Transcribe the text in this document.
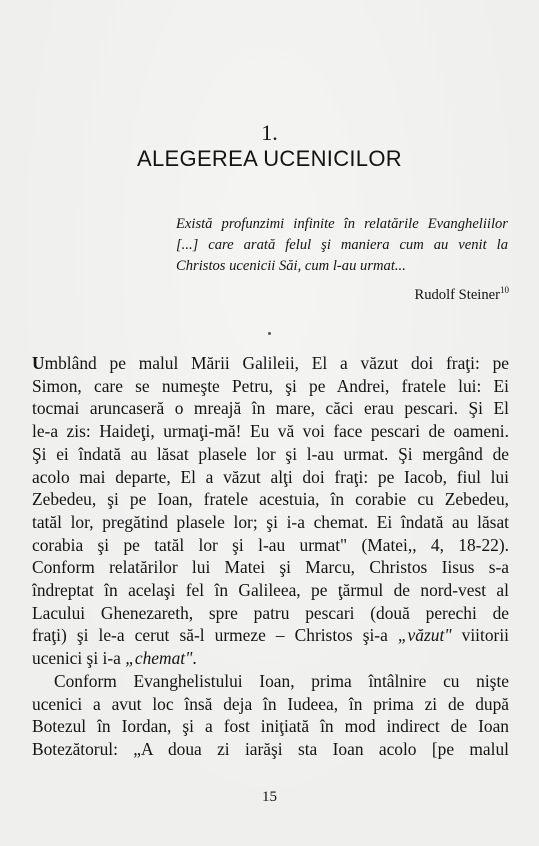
1.
ALEGEREA UCENICILOR
Există profunzimi infinite în relatările Evangheliilor
[...] care arată felul şi maniera cum au venit la
Christos ucenicii Săi, cum l-au urmat...
Rudolf Steiner$^{10}$
Umblând pe malul Mării Galileii, El a văzut doi fraţi: pe
Simon, care se numeşte Petru, şi pe Andrei, fratele lui: Ei
tocmai aruncaseră o mreajă în mare, căci erau pescari. Şi El
le-a zis: Haideţi, urmaţi-mă! Eu vă voi face pescari de oameni.
Şi ei îndată au lăsat plasele lor şi l-au urmat. Şi mergând de
acolo mai departe, El a văzut alţi doi fraţi: pe Iacob, fiul lui
Zebedeu, şi pe Ioan, fratele acestuia, în corabie cu Zebedeu,
tatăl lor, pregătind plasele lor; şi i-a chemat. Ei îndată au lăsat
corabia şi pe tatăl lor şi l-au urmat" (Matei,, 4, 18-22).
Conform relatărilor lui Matei şi Marcu, Christos Iisus s-a
îndreptat în acelaşi fel în Galileea, pe ţărmul de nord-vest al
Lacului Ghenezareth, spre patru pescari (două perechi de
fraţi) şi le-a cerut să-l urmeze – Christos şi-a „văzut" viitorii
ucenici şi i-a „chemat".
Conform Evanghelistului Ioan, prima întâlnire cu nişte
ucenici a avut loc însă deja în Iudeea, în prima zi de după
Botezul în Iordan, şi a fost iniţiată în mod indirect de Ioan
Botezătorul: „A doua zi iarăşi sta Ioan acolo [pe malul
15
